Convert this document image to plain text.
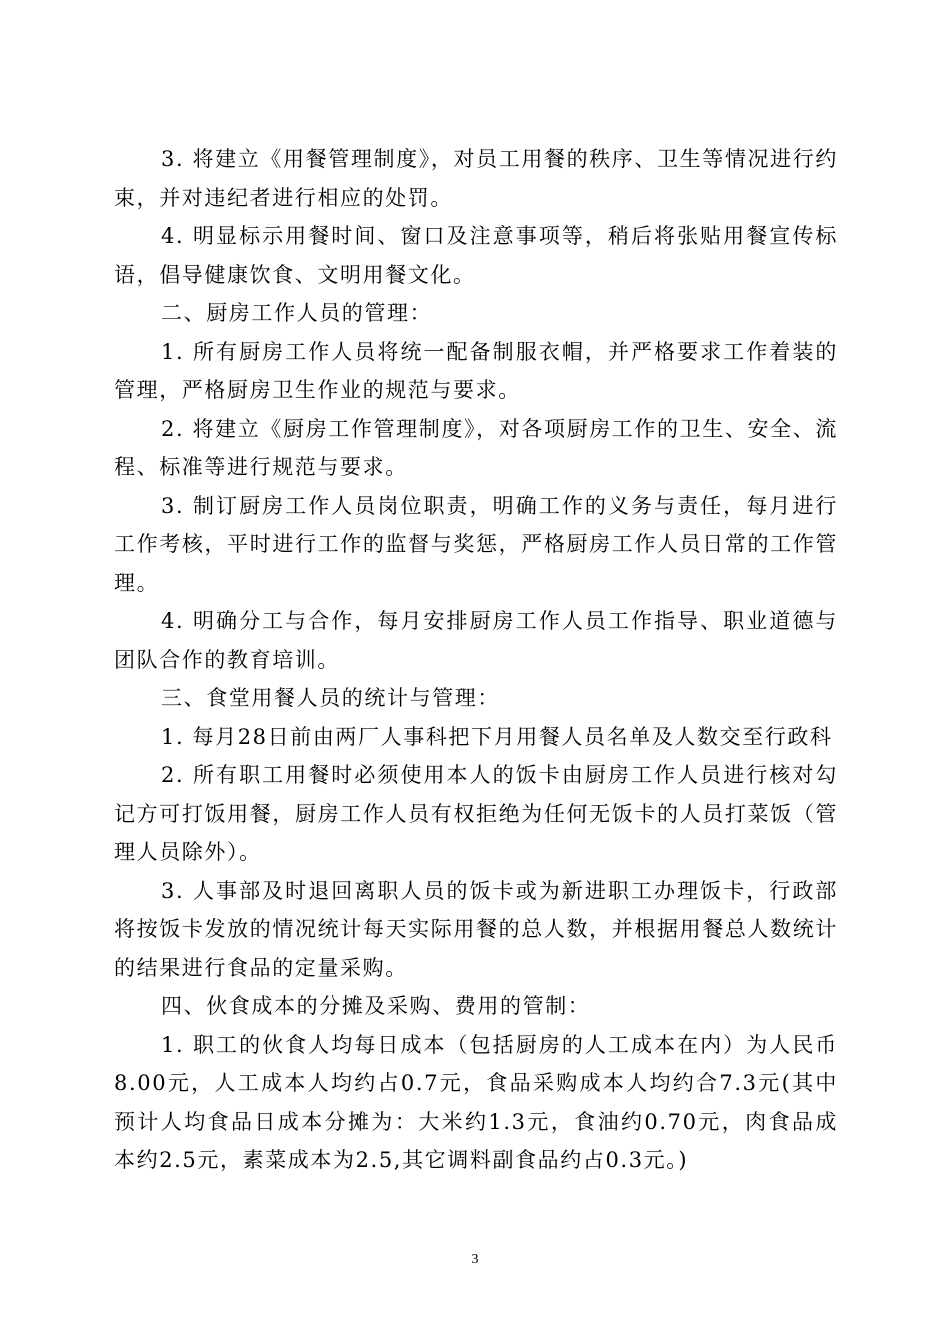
3. 将建立《用餐管理制度》，对员工用餐的秩序、卫生等情况进行约束，并对违纪者进行相应的处罚。

4. 明显标示用餐时间、窗口及注意事项等，稍后将张贴用餐宣传标语，倡导健康饮食、文明用餐文化。

二、厨房工作人员的管理：

1. 所有厨房工作人员将统一配备制服衣帽，并严格要求工作着装的管理，严格厨房卫生作业的规范与要求。

2. 将建立《厨房工作管理制度》，对各项厨房工作的卫生、安全、流程、标准等进行规范与要求。

3. 制订厨房工作人员岗位职责，明确工作的义务与责任，每月进行工作考核，平时进行工作的监督与奖惩，严格厨房工作人员日常的工作管理。

4. 明确分工与合作，每月安排厨房工作人员工作指导、职业道德与团队合作的教育培训。

三、食堂用餐人员的统计与管理：

1. 每月28日前由两厂人事科把下月用餐人员名单及人数交至行政科

2. 所有职工用餐时必须使用本人的饭卡由厨房工作人员进行核对勾记方可打饭用餐，厨房工作人员有权拒绝为任何无饭卡的人员打菜饭（管理人员除外）。

3. 人事部及时退回离职人员的饭卡或为新进职工办理饭卡，行政部将按饭卡发放的情况统计每天实际用餐的总人数，并根据用餐总人数统计的结果进行食品的定量采购。

四、伙食成本的分摊及采购、费用的管制：

1. 职工的伙食人均每日成本（包括厨房的人工成本在内）为人民币8.00元，人工成本人均约占0.7元，食品采购成本人均约合7.3元(其中预计人均食品日成本分摊为：大米约1.3元，食油约0.70元，肉食品成本约2.5元，素菜成本为2.5,其它调料副食品约占0.3元。)

3
